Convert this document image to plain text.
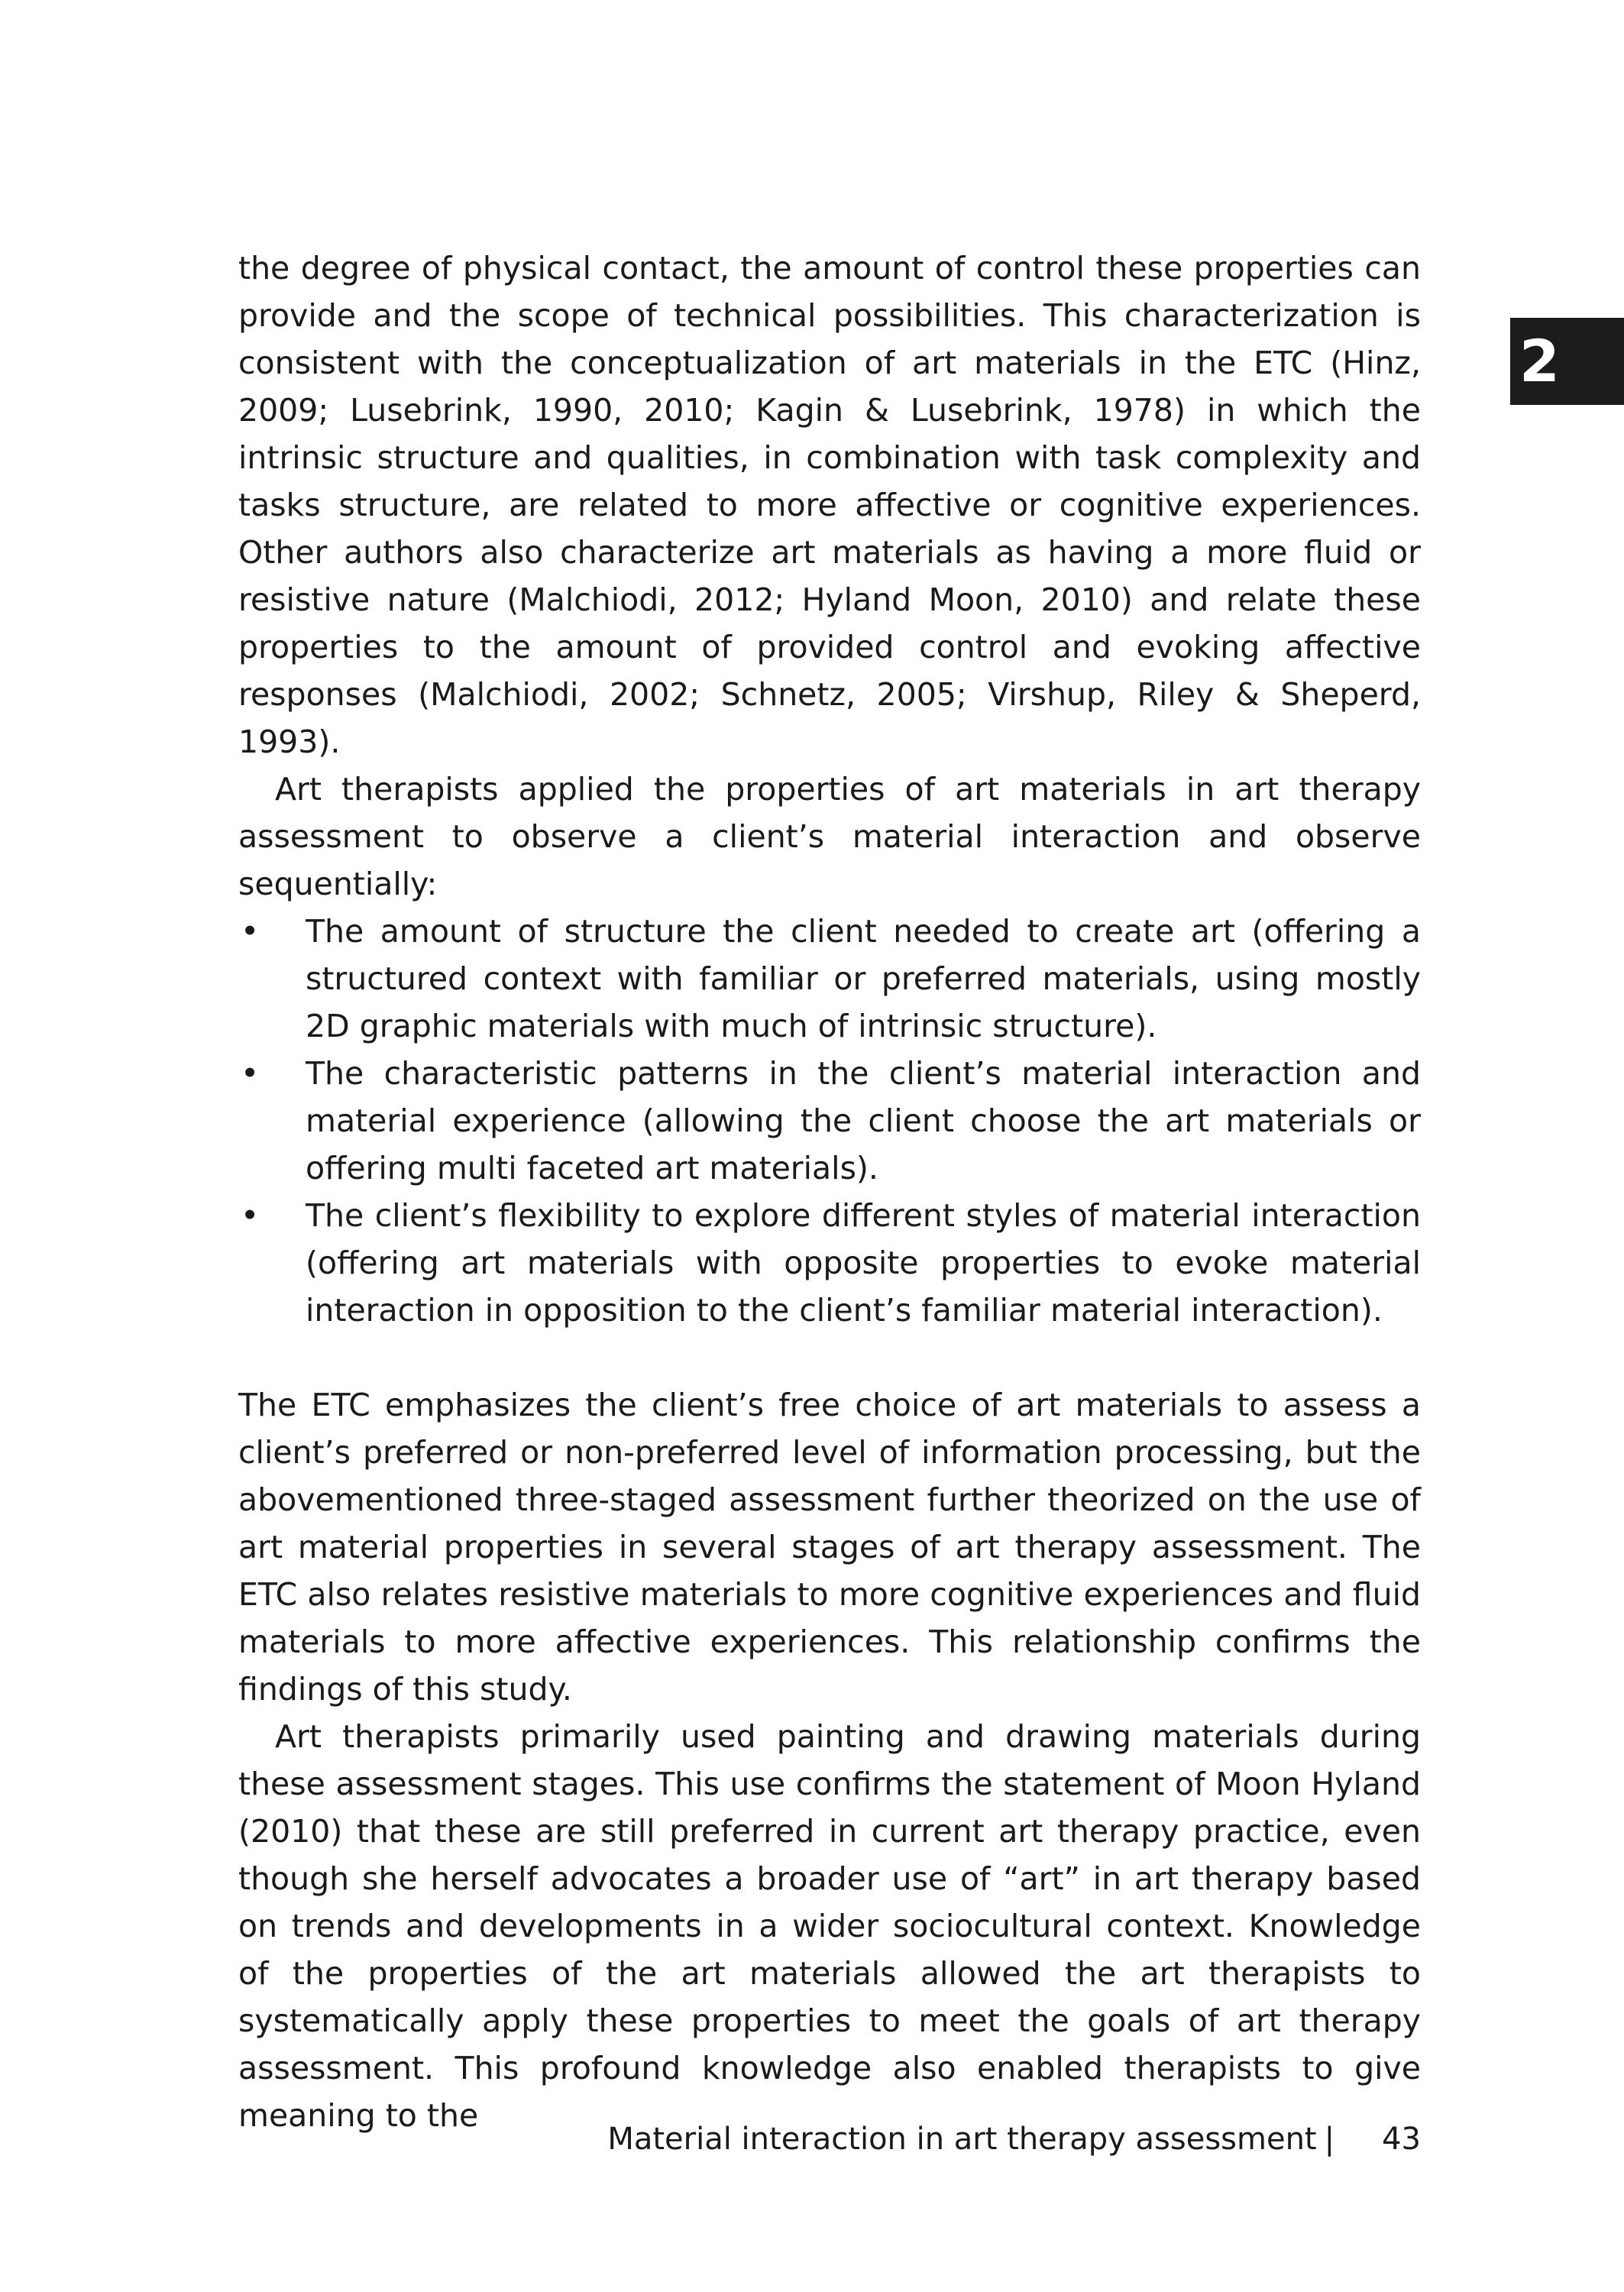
2

the degree of physical contact, the amount of control these properties can provide and the scope of technical possibilities. This characterization is consistent with the conceptualization of art materials in the ETC (Hinz, 2009; Lusebrink, 1990, 2010; Kagin & Lusebrink, 1978) in which the intrinsic structure and qualities, in combination with task complexity and tasks structure, are related to more affective or cognitive experiences. Other authors also characterize art materials as having a more fluid or resistive nature (Malchiodi, 2012; Hyland Moon, 2010) and relate these properties to the amount of provided control and evoking affective responses (Malchiodi, 2002; Schnetz, 2005; Virshup, Riley & Sheperd, 1993).

Art therapists applied the properties of art materials in art therapy assessment to observe a client’s material interaction and observe sequentially:

• The amount of structure the client needed to create art (offering a structured context with familiar or preferred materials, using mostly 2D graphic materials with much of intrinsic structure).
• The characteristic patterns in the client’s material interaction and material experience (allowing the client choose the art materials or offering multi faceted art materials).
• The client’s flexibility to explore different styles of material interaction (offering art materials with opposite properties to evoke material interaction in opposition to the client’s familiar material interaction).

The ETC emphasizes the client’s free choice of art materials to assess a client’s preferred or non-preferred level of information processing, but the abovementioned three-staged assessment further theorized on the use of art material properties in several stages of art therapy assessment. The ETC also relates resistive materials to more cognitive experiences and fluid materials to more affective experiences. This relationship confirms the findings of this study.

Art therapists primarily used painting and drawing materials during these assessment stages. This use confirms the statement of Moon Hyland (2010) that these are still preferred in current art therapy practice, even though she herself advocates a broader use of “art” in art therapy based on trends and developments in a wider sociocultural context. Knowledge of the properties of the art materials allowed the art therapists to systematically apply these properties to meet the goals of art therapy assessment. This profound knowledge also enabled therapists to give meaning to the

Material interaction in art therapy assessment | 43
